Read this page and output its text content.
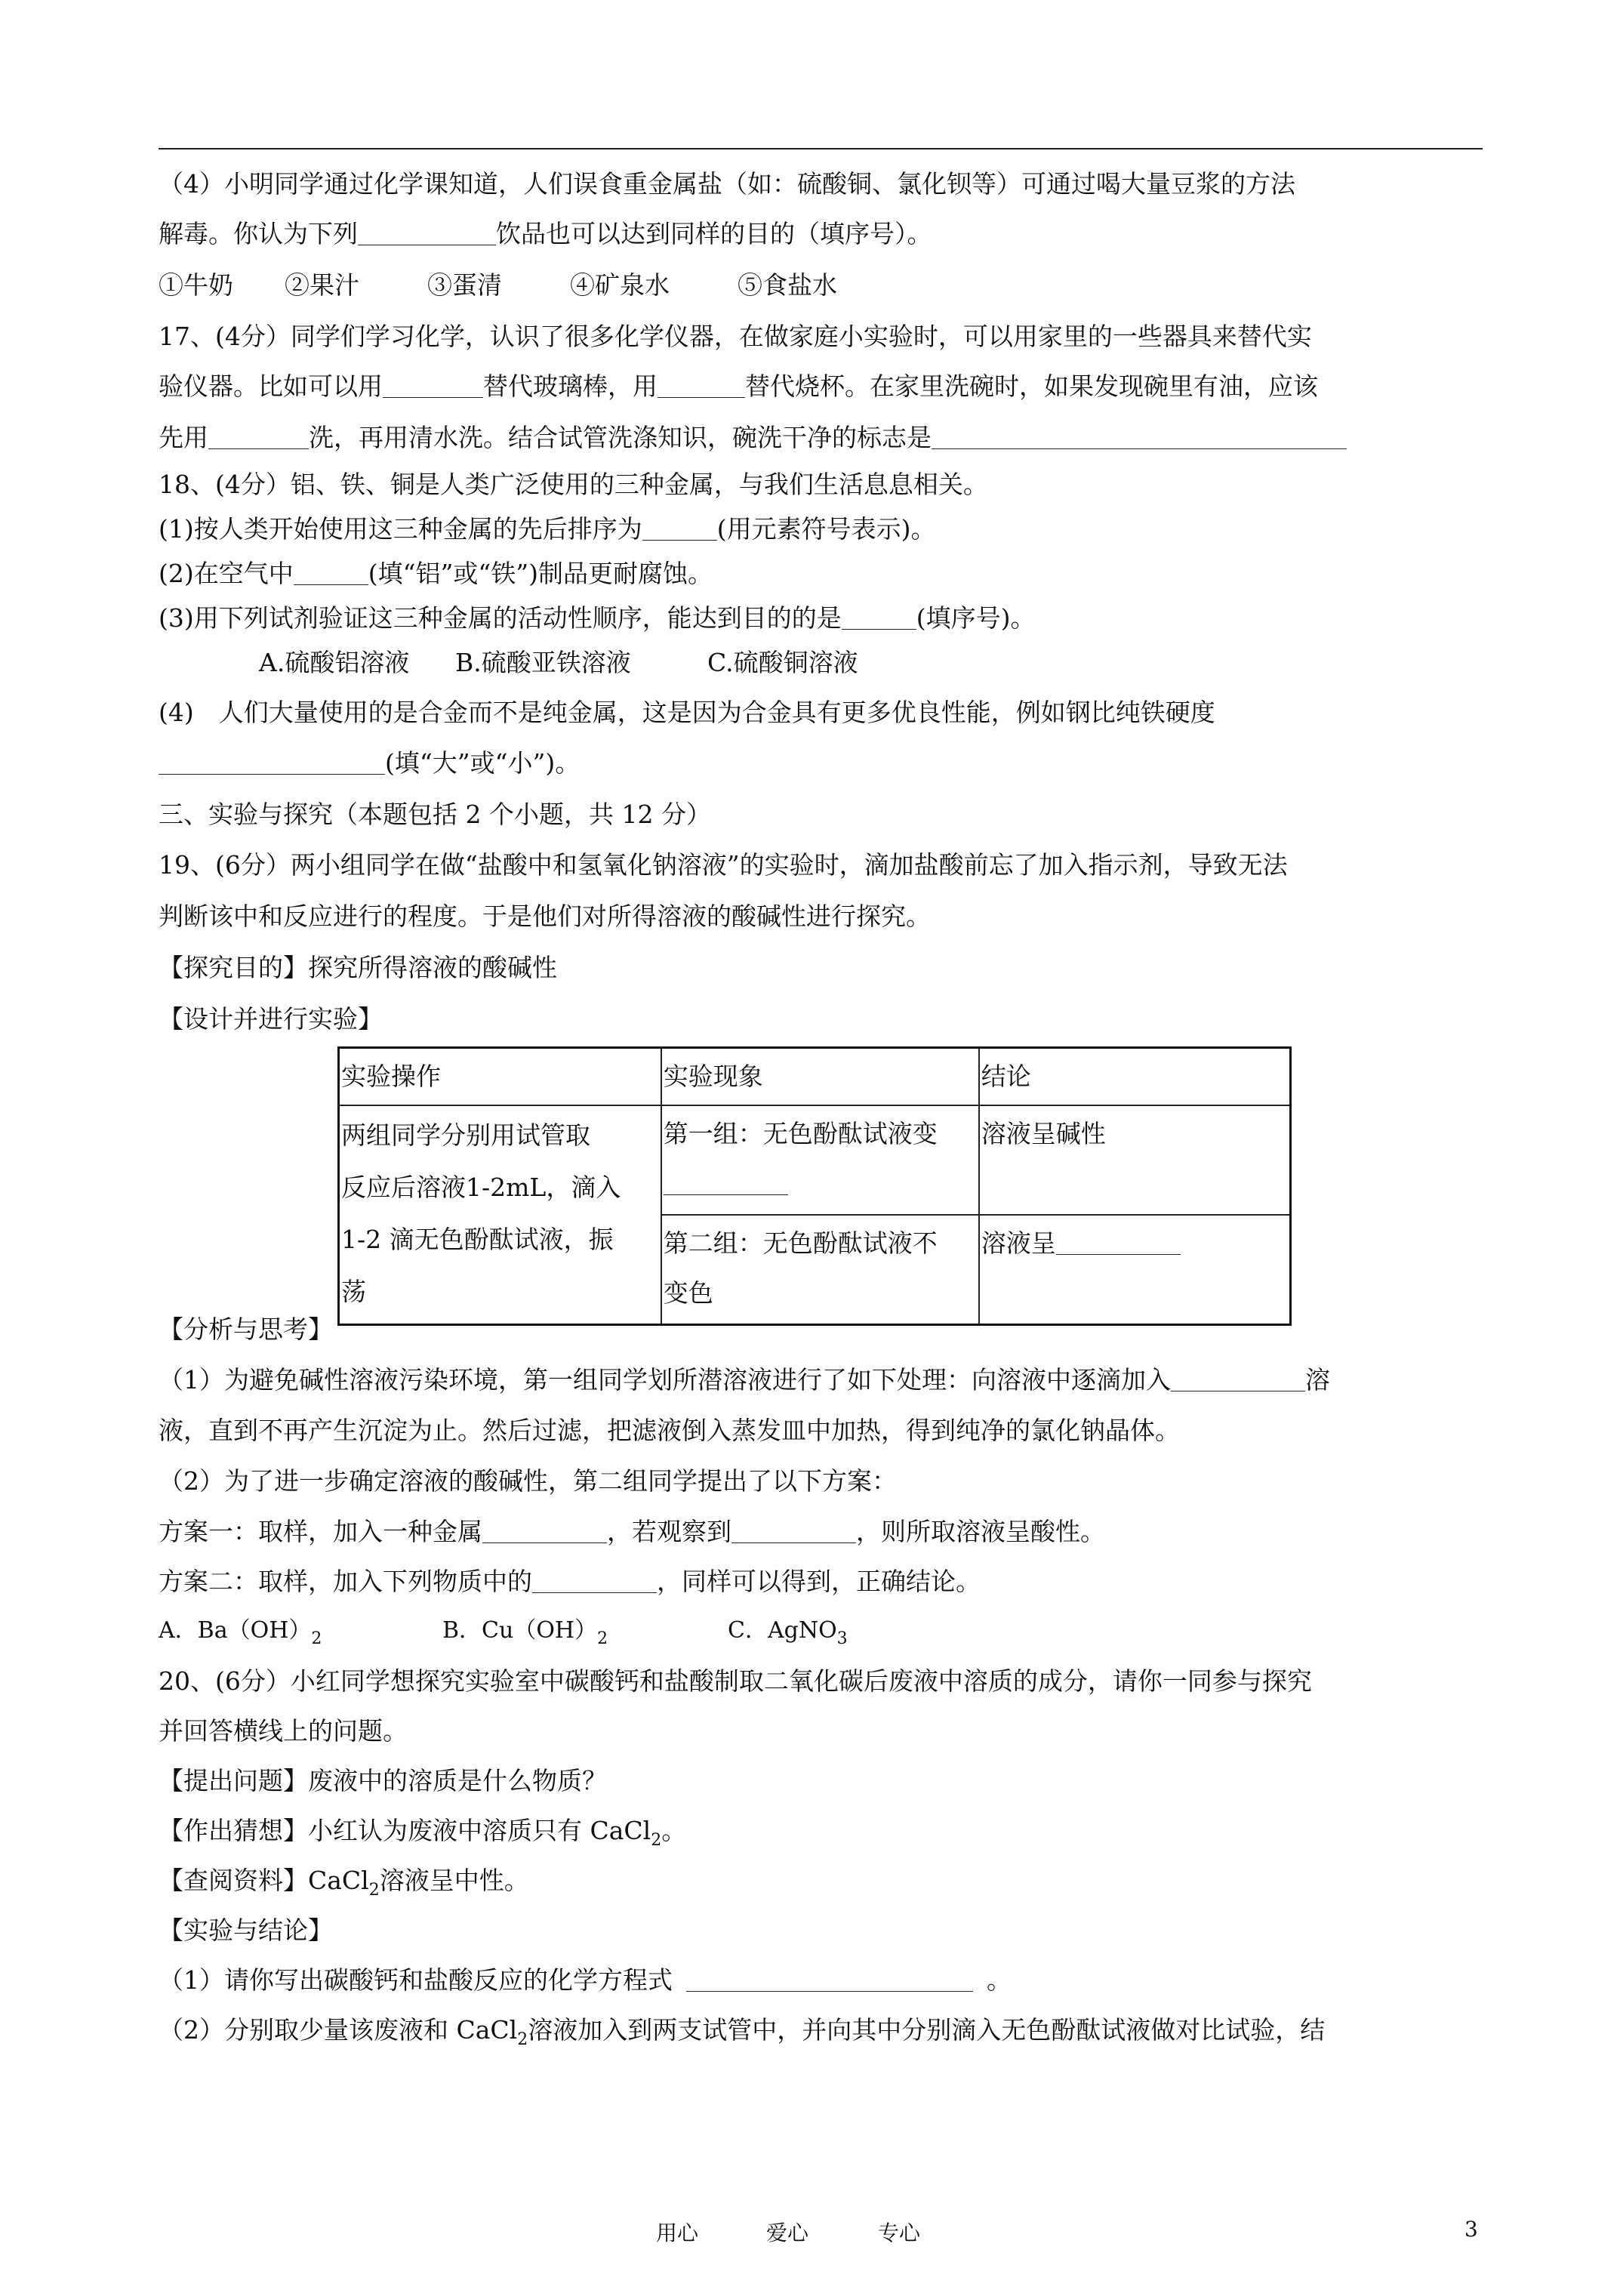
（4）小明同学通过化学课知道，人们误食重金属盐（如：硫酸铜、氯化钡等）可通过喝大量豆浆的方法
解毒。你认为下列	饮品也可以达到同样的目的（填序号）。
①牛奶 ②果汁	③蛋清	④矿泉水	⑤食盐水
17、(4分）同学们学习化学，认识了很多化学仪器，在做家庭小实验时，可以用家里的一些器具来替代实
验仪器。比如可以用	替代玻璃棒，用	替代烧杯。在家里洗碗时，如果发现碗里有油，应该
先用	洗，再用清水洗。结合试管洗涤知识，碗洗干净的标志是
18、(4分）铝、铁、铜是人类广泛使用的三种金属，与我们生活息息相关。
(1)按人类开始使用这三种金属的先后排序为	(用元素符号表示)。
(2)在空气中	(填“铝”或“铁”)制品更耐腐蚀。
(3)用下列试剂验证这三种金属的活动性顺序，能达到目的的是	(填序号)。
A.硫酸铝溶液 B.硫酸亚铁溶液	C.硫酸铜溶液
(4)　人们大量使用的是合金而不是纯金属，这是因为合金具有更多优良性能，例如钢比纯铁硬度
(填“大”或“小”)。
三、实验与探究（本题包括 2 个小题，共 12 分）
19、(6分）两小组同学在做“盐酸中和氢氧化钠溶液”的实验时，滴加盐酸前忘了加入指示剂，导致无法
判断该中和反应进行的程度。于是他们对所得溶液的酸碱性进行探究。
【探究目的】探究所得溶液的酸碱性
【设计并进行实验】
实验操作	实验现象	结论

两组同学分别用试管取
反应后溶液1-2mL，滴入
1-2 滴无色酚酞试液，振
荡	第一组：无色酚酞试液变	溶液呈碱性

	第二组：无色酚酞试液不
变色	溶液呈
【分析与思考】
（1）为避免碱性溶液污染环境，第一组同学划所潜溶液进行了如下处理：向溶液中逐滴加入	溶
液，直到不再产生沉淀为止。然后过滤，把滤液倒入蒸发皿中加热，得到纯净的氯化钠晶体。
（2）为了进一步确定溶液的酸碱性，第二组同学提出了以下方案：
方案一：取样，加入一种金属	，若观察到	，则所取溶液呈酸性。
方案二：取样，加入下列物质中的	，同样可以得到，正确结论。
A．$Ba(OH)_2$	B．$Cu(OH)_2$	C．AgNO$_3$
20、(6分）小红同学想探究实验室中碳酸钙和盐酸制取二氧化碳后废液中溶质的成分，请你一同参与探究
并回答横线上的问题。
【提出问题】废液中的溶质是什么物质？
【作出猜想】小红认为废液中溶质只有 CaCl$_2$。
【查阅资料】CaCl$_2$溶液呈中性。
【实验与结论】
（1）请你写出碳酸钙和盐酸反应的化学方程式	。
（2）分别取少量该废液和 CaCl$_2$溶液加入到两支试管中，并向其中分别滴入无色酚酞试液做对比试验，结
用心	爱心	专心	3
